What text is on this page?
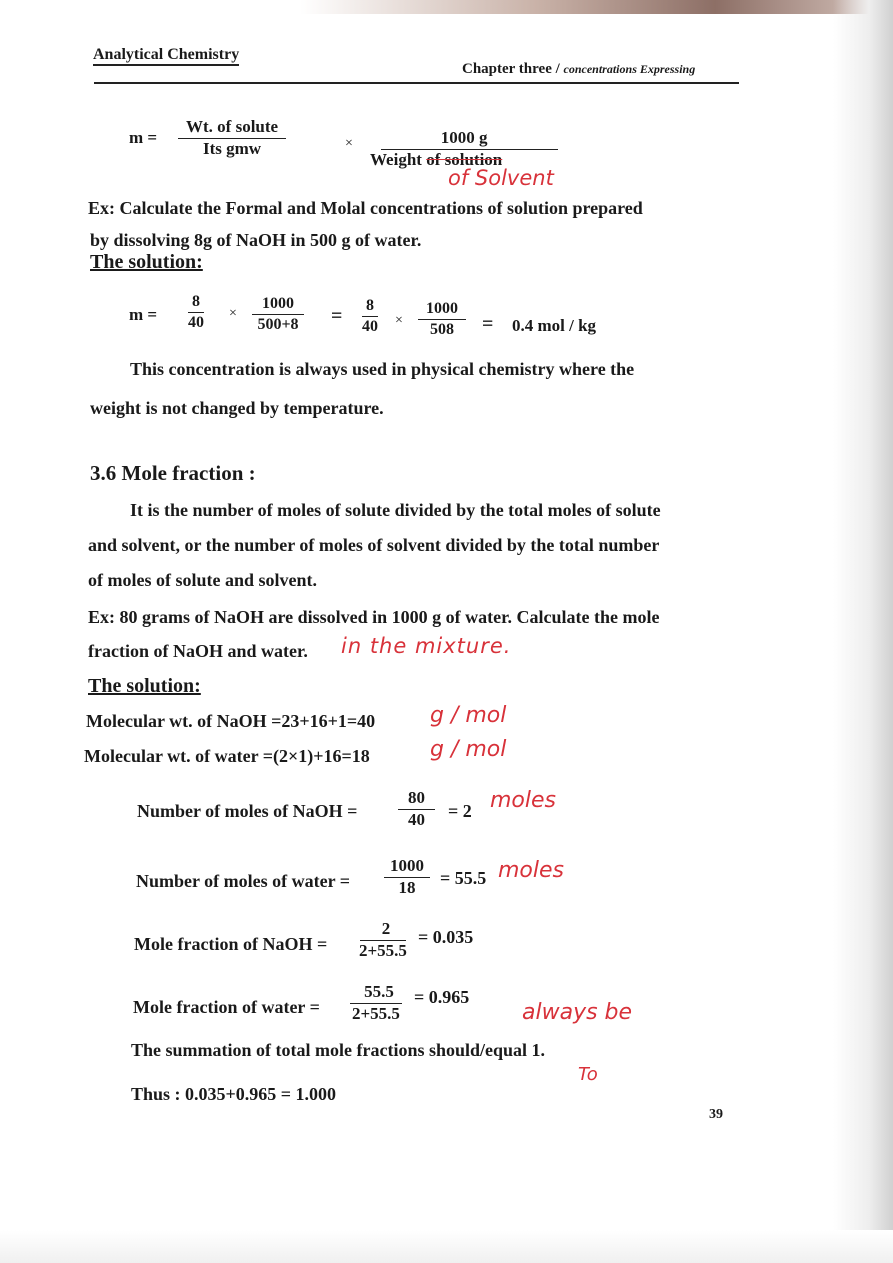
Analytical Chemistry
Chapter three / concentrations Expressing
m =
Wt. of solute
Its gmw	×	1000 g
Weight of solution
of Solvent
Ex: Calculate the Formal and Molal concentrations of solution prepared
by dissolving 8g of NaOH in 500 g of water.
The solution:
$m = \frac{8}{40} \times \frac{1000}{500+8} = \frac{8}{40} \times \frac{1000}{508} = 0.4$ mol / kg
This concentration is always used in physical chemistry where the
weight is not changed by temperature.
3.6 Mole fraction :
It is the number of moles of solute divided by the total moles of solute
and solvent, or the number of moles of solvent divided by the total number
of moles of solute and solvent.
Ex: 80 grams of NaOH are dissolved in 1000 g of water. Calculate the mole
fraction of NaOH and water. in the mixture.
The solution:
Molecular wt. of NaOH =23+16+1=40 g / mol
Molecular wt. of water =(2×1)+16=18	g / mol
Number of moles of NaOH = $\frac{80}{40} = 2$ moles
Number of moles of water = $\frac{1000}{18} = 55.5$ moles
Mole fraction of NaOH = $\frac{2}{2+55.5} = 0.035$
Mole fraction of water = $\frac{55.5}{2+55.5} = 0.965$
always be
The summation of total mole fractions should/equal 1.
To
Thus : 0.035+0.965 = 1.000
39
